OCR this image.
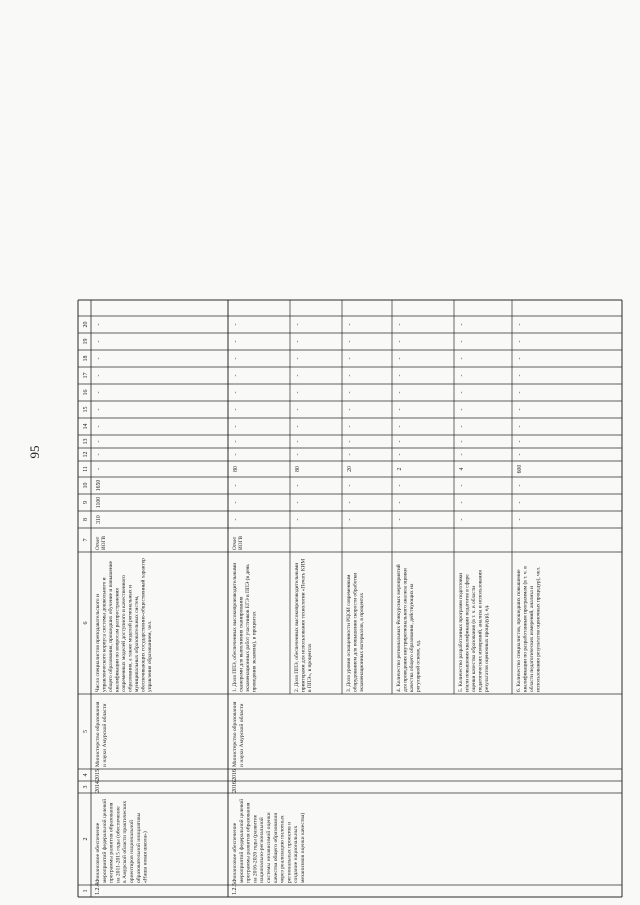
1
2
3
4
5
6
7
8
9
10
11
12
13
14
15
16
17
18
19
20
1.2.4.
Финансовое обеспечение мероприятий федеральной целевой программы развития образования на 2011-2015 годы (обеспечение в Амурской области практических ориентиров национальной образовательной инициативы «Наша новая школа»)
2014
2015
Министерство образования и науки Амурской области
Число специалистов преподавательского и управленческого корпуса системы дошкольного и общего образования, прошедших обучение и повышение квалификации по вопросам распространения современных моделей доступного и качественного образования, а также моделей региональных и муниципальных образовательных систем, обеспечивающих государственно-общественный характер управления образованием, чел.
Отчет ИОГВ
310
1100
1650
-
-
-
-
-
-
-
-
-
-
1.2.5.
Финансовое обеспечение мероприятий федеральной целевой программы развития образования на 2016-2020 годы (развитие национально-региональной системы независимой оценки качества общего образования через реализацию пилотных региональных проектов и создание национальных механизмов оценки качества)
2016
2016
Министерство образования и науки Амурской области
1. Доля ППЭ, обеспеченных высокопроизводительными сканерами для выполнения сканирования экзаменационных работ участников ЕГЭ в ППЭ (в день проведения экзамена), в процентах
Отчет ИОГВ
-
-
-
80
-
-
-
-
-
-
-
-
-
2. Доля ППЭ, обеспеченных высокопроизводительными принтерами для использования технологии «Печать КИМ в ППЭ», в процентах
-
-
-
80
-
-
-
-
-
-
-
-
-
3. Доля уровня оснащенности РЦОИ современным оборудованием для повышения скорости обработки экзаменационных материалов, в процентах
-
-
-
20
-
-
-
-
-
-
-
-
-
4. Количество региональных คонкурсных мероприятий для проведения внутрирегионального анализа оценки качества общего образования, действующих на регулярной основе, ед.
-
-
-
2
-
-
-
-
-
-
-
-
-
5. Количество разработанных программ подготовки и/или повышения квалификации педагогов в сфере оценки качества образования (в т. ч. в области педагогических измерений, анализа и использования результатов оценочных процедур), ед.
-
-
-
4
-
-
-
-
-
-
-
-
-
6. Количество специалистов, прошедших повышение квалификации по разработанным программам (в т. ч. в области педагогических измерений, анализа и использования результатов оценочных процедур), чел.
-
-
-
600
-
-
-
-
-
-
-
-
-
95
